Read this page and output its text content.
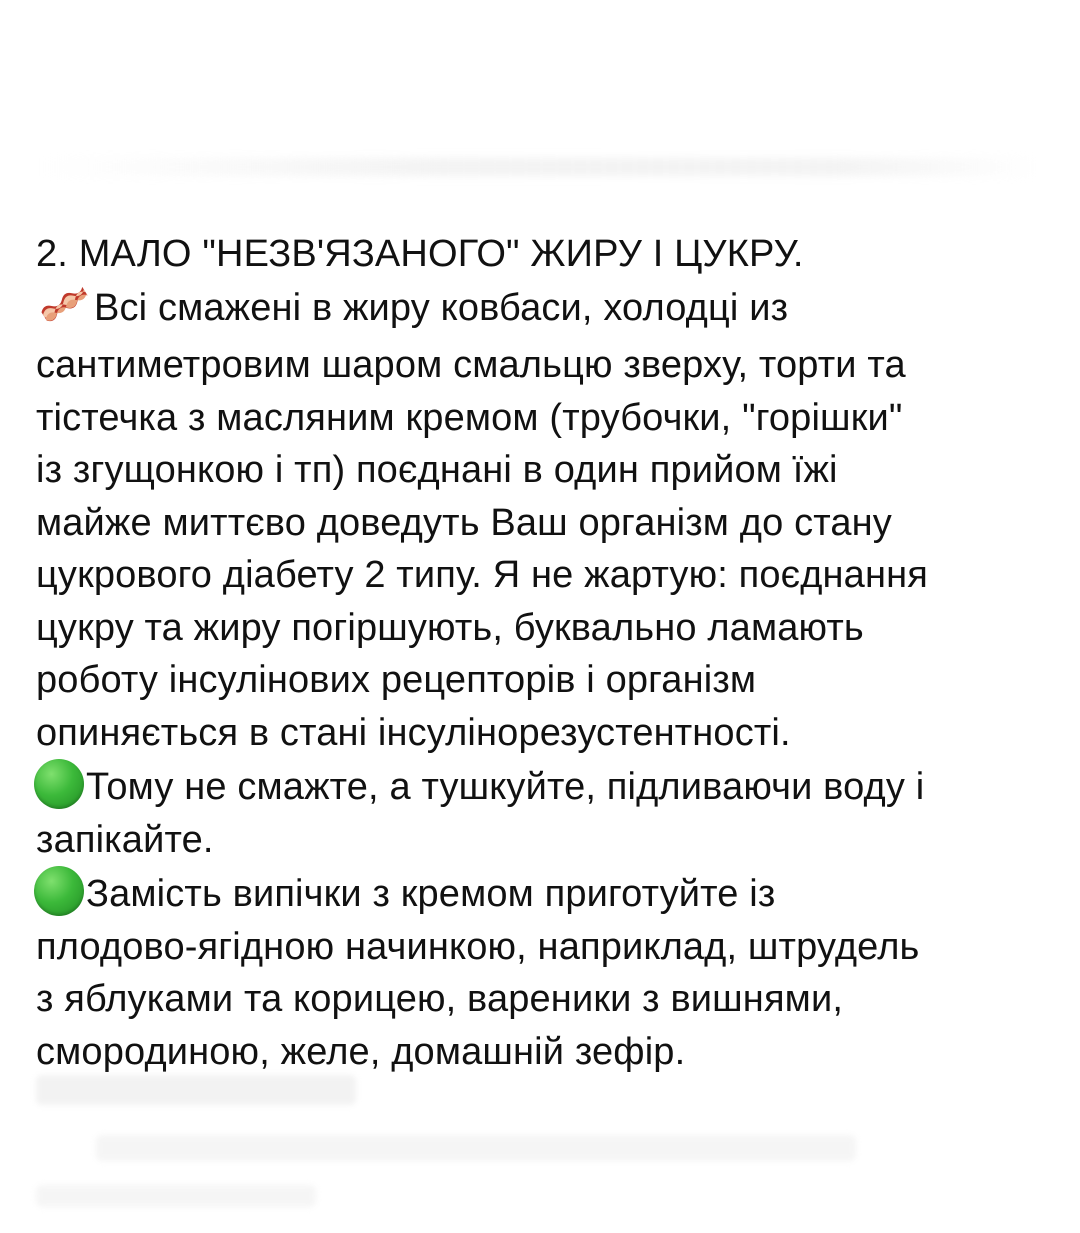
2. МАЛО "НЕЗВ'ЯЗАНОГО" ЖИРУ І ЦУКРУ.
Всі смажені в жиру ковбаси, холодці из
сантиметровим шаром смальцю зверху, торти та
тістечка з масляним кремом (трубочки, "горішки"
із згущонкою і тп) поєднані в один прийом їжі
майже миттєво доведуть Ваш організм до стану
цукрового діабету 2 типу. Я не жартую: поєднання
цукру та жиру погіршують, буквально ламають
роботу інсулінових рецепторів і організм
опиняється в стані інсулінорезустентності.
Тому не смажте, а тушкуйте, підливаючи воду і
запікайте.
Замість випічки з кремом приготуйте із
плодово-ягідною начинкою, наприклад, штрудель
з яблуками та корицею, вареники з вишнями,
смородиною, желе, домашній зефір.
